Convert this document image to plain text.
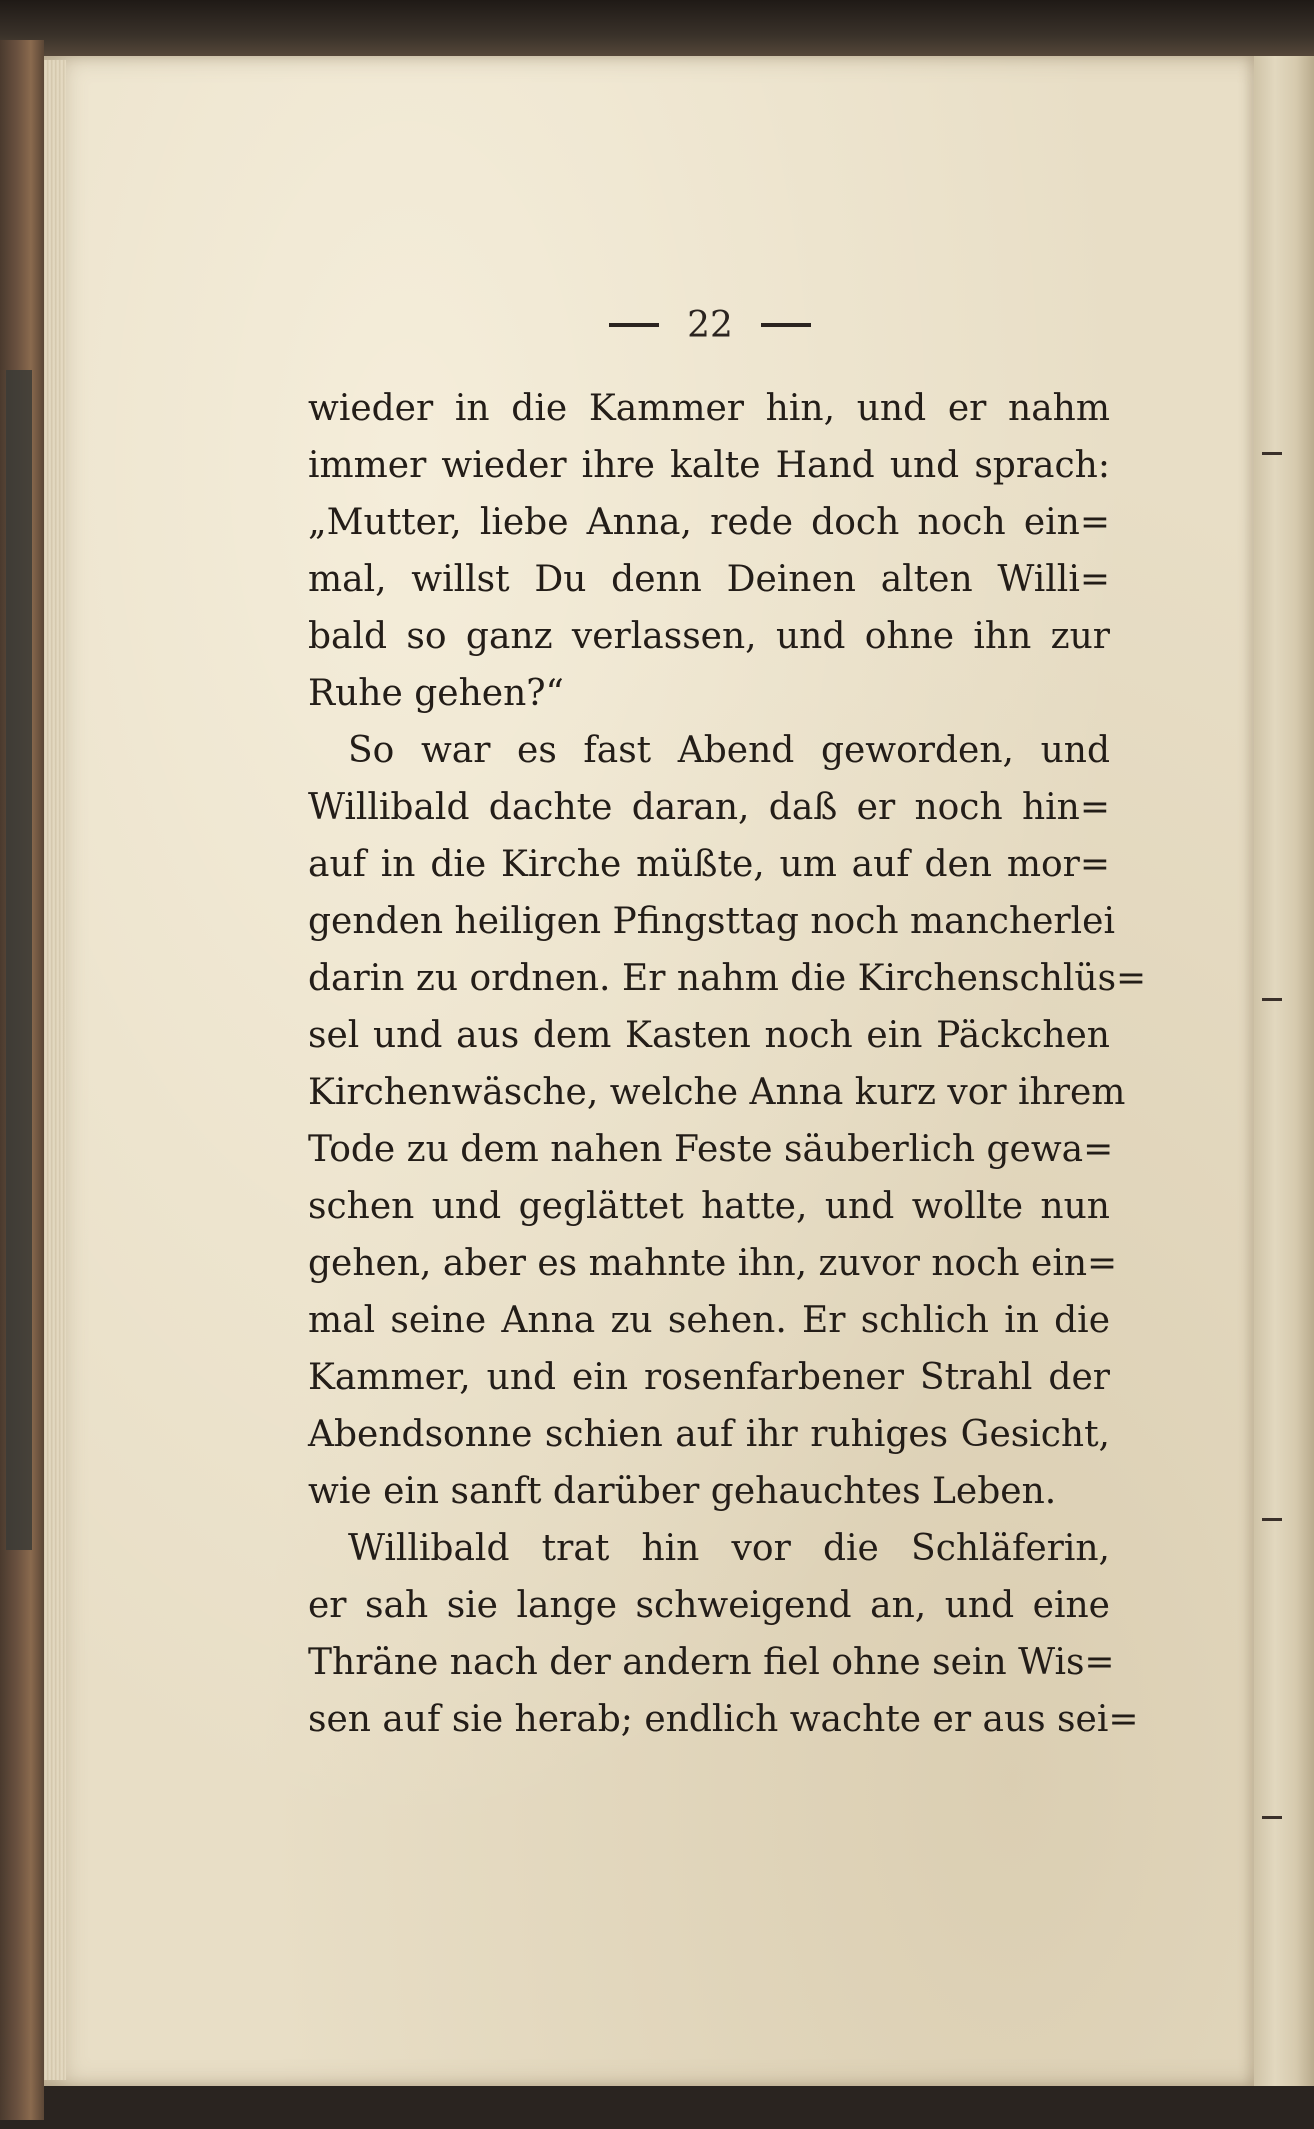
22
wieder in die Kammer hin, und er nahm
immer wieder ihre kalte Hand und sprach:
„Mutter, liebe Anna, rede doch noch ein=
mal, willst Du denn Deinen alten Willi=
bald so ganz verlassen, und ohne ihn zur
Ruhe gehen?“
So war es fast Abend geworden, und
Willibald dachte daran, daß er noch hin=
auf in die Kirche müßte, um auf den mor=
genden heiligen Pfingsttag noch mancherlei
darin zu ordnen. Er nahm die Kirchenschlüs=
sel und aus dem Kasten noch ein Päckchen
Kirchenwäsche, welche Anna kurz vor ihrem
Tode zu dem nahen Feste säuberlich gewa=
schen und geglättet hatte, und wollte nun
gehen, aber es mahnte ihn, zuvor noch ein=
mal seine Anna zu sehen. Er schlich in die
Kammer, und ein rosenfarbener Strahl der
Abendsonne schien auf ihr ruhiges Gesicht,
wie ein sanft darüber gehauchtes Leben.
Willibald trat hin vor die Schläferin,
er sah sie lange schweigend an, und eine
Thräne nach der andern fiel ohne sein Wis=
sen auf sie herab; endlich wachte er aus sei=
